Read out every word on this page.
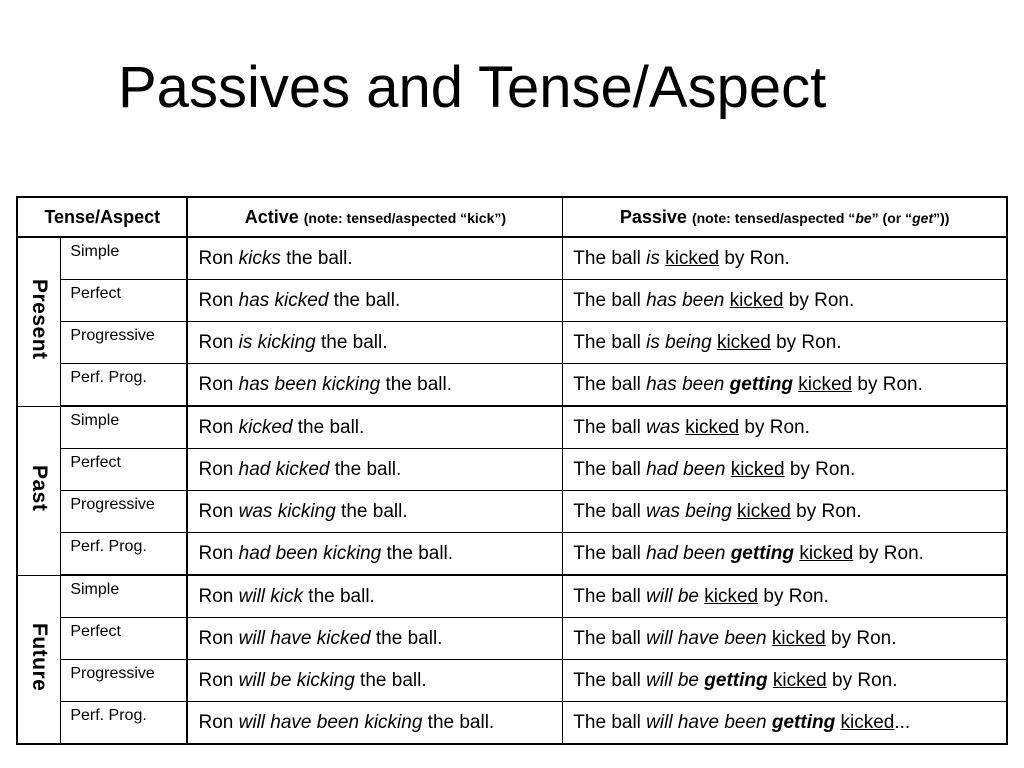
Passives and Tense/Aspect
Tense/Aspect		Active (note: tensed/aspected “kick”)	Passive (note: tensed/aspected “be” (or “get”))
Present	Simple	Ron kicks the ball.	The ball is kicked by Ron.
	Perfect	Ron has kicked the ball.	The ball has been kicked by Ron.
	Progressive	Ron is kicking the ball.	The ball is being kicked by Ron.
	Perf. Prog.	Ron has been kicking the ball.	The ball has been getting kicked by Ron.
Past	Simple	Ron kicked the ball.	The ball was kicked by Ron.
	Perfect	Ron had kicked the ball.	The ball had been kicked by Ron.
	Progressive	Ron was kicking the ball.	The ball was being kicked by Ron.
	Perf. Prog.	Ron had been kicking the ball.	The ball had been getting kicked by Ron.
Future	Simple	Ron will kick the ball.	The ball will be kicked by Ron.
	Perfect	Ron will have kicked the ball.	The ball will have been kicked by Ron.
	Progressive	Ron will be kicking the ball.	The ball will be getting kicked by Ron.
	Perf. Prog.	Ron will have been kicking the ball.	The ball will have been getting kicked...
